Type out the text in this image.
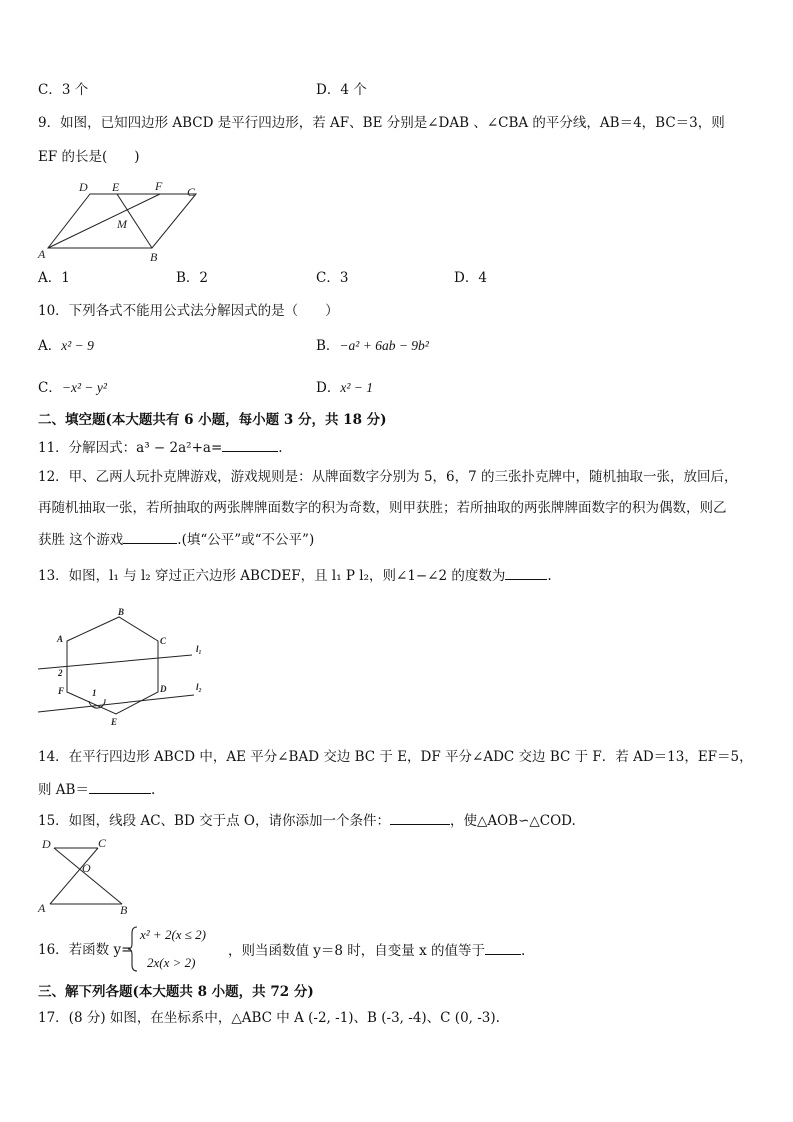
C．3 个	D．4 个
9．如图，已知四边形 ABCD 是平行四边形，若 AF、BE 分别是∠DAB 、∠CBA 的平分线，AB＝4，BC＝3，则
EF 的长是(　　)
D E	F C
M
A	B
A．1	B．2	C．3	D．4
10．下列各式不能用公式法分解因式的是（　　）
A．x² − 9	B．−a² + 6ab − 9b²
C．−x² − y²	D．x² − 1
二、填空题(本大题共有 6 小题，每小题 3 分，共 18 分)
11．分解因式：a³ − 2a²+a=	.
12．甲、乙两人玩扑克牌游戏，游戏规则是：从牌面数字分别为 5，6，7 的三张扑克牌中，随机抽取一张，放回后，
再随机抽取一张，若所抽取的两张牌牌面数字的积为奇数，则甲获胜；若所抽取的两张牌牌面数字的积为偶数，则乙
获胜 这个游戏	.(填“公平”或“不公平”)
13．如图，l₁ 与 l₂ 穿过正六边形 ABCDEF，且 l₁ P l₂，则∠1−∠2 的度数为	.
B
A	C
l₁
2
F	D	l₂
1
E
14．在平行四边形 ABCD 中，AE 平分∠BAD 交边 BC 于 E，DF 平分∠ADC 交边 BC 于 F．若 AD＝13，EF＝5，
则 AB＝	.
15．如图，线段 AC、BD 交于点 O，请你添加一个条件：	，使△AOB∽△COD.
D	C
O
A	B
16．若函数 y=
x² + 2(x ≤ 2)
2x(x > 2)
，则当函数值 y＝8 时，自变量 x 的值等于	.
三、解下列各题(本大题共 8 小题，共 72 分)
17．(8 分) 如图，在坐标系中，△ABC 中 A (-2, -1)、B (-3, -4)、C (0, -3).
